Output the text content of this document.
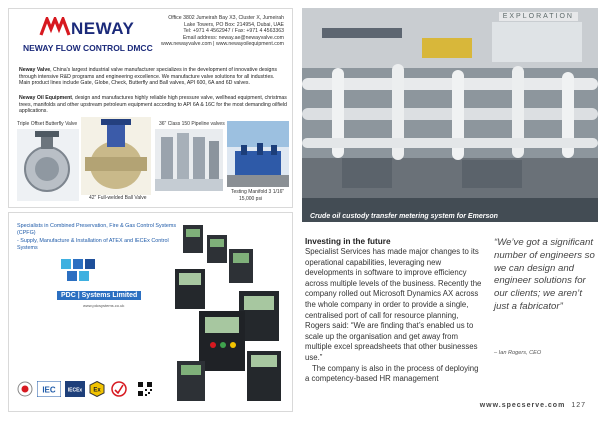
NEWAY
NEWAY FLOW CONTROL DMCC
Office 3802 Jumeirah Bay X3, Cluster X, Jumeirah
Lake Towers, PO Box: 214954, Dubai, UAE
Tel: +971 4 4562947 / Fax: +971 4 4563363
Email address: neway.ae@newayvalve.com
www.newayvalve.com | www.newayoilequipment.com
Neway Valve, China's largest industrial valve manufacturer specializes in the development of innovative designs through intensive R&D programs and engineering excellence. We manufacture valve solutions for all industries. Main product lines include Gate, Globe, Check, Butterfly and Ball valves, API 600, 6A and 6D valves.
Neway Oil Equipment, design and manufactures highly reliable high pressure valve, wellhead equipment, christmas trees, manifolds and other upstream petroleum equipment according to API 6A & 16C for the most demanding oilfield applications.
Triple Offset Butterfly Valve	36" Class 150 Pipeline valves
42" Full-welded Ball Valve
Testing Manifold 3 1/16"
15,000 psi
Specialists in Combined Preservation, Fire & Gas Control Systems (CPFG)
- Supply, Manufacture & Installation of ATEX and IECEx Control Systems
PDC | Systems Limited
www.pdcsystems.co.uk
IEC IECEx Ex
EXPLORATION
Crude oil custody transfer metering system for Emerson
Investing in the future

Specialist Services has made major changes to its operational capabilities, leveraging new developments in software to improve efficiency across multiple levels of the business. Recently the company rolled out Microsoft Dynamics AX across the whole company in order to provide a single, centralised port of call for resource planning, Rogers said: “We are finding that’s enabled us to scale up the organisation and get away from multiple excel spreadsheets that other businesses use.”

The company is also in the process of deploying a competency-based HR management

“We’ve got a significant number of engineers so we can design and engineer solutions for our clients; we aren’t just a fabricator”
– Ian Rogers, CEO
www.specserve.com 127
